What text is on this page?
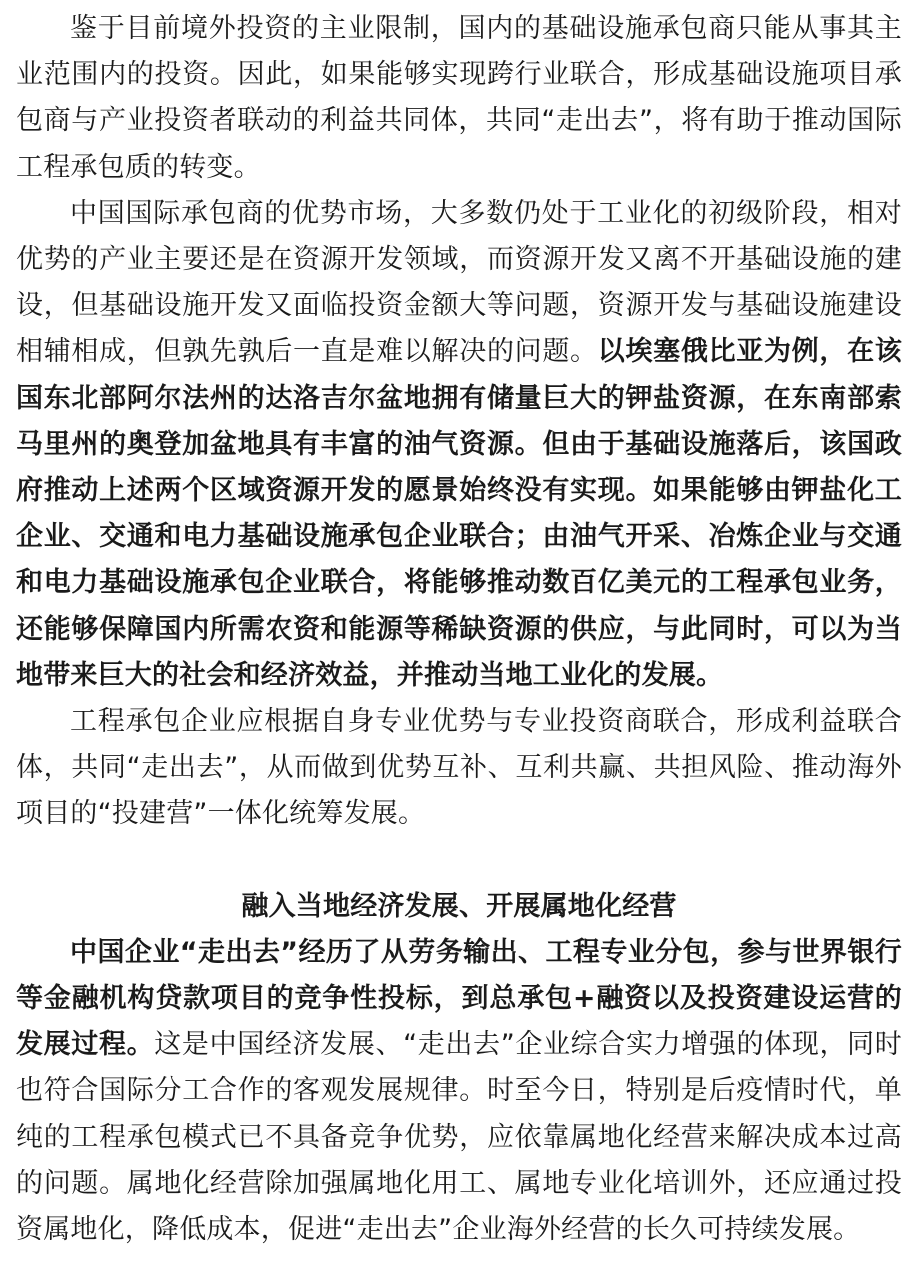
鉴于目前境外投资的主业限制，国内的基础设施承包商只能从事其主业范围内的投资。因此，如果能够实现跨行业联合，形成基础设施项目承包商与产业投资者联动的利益共同体，共同“走出去”，将有助于推动国际工程承包质的转变。

中国国际承包商的优势市场，大多数仍处于工业化的初级阶段，相对优势的产业主要还是在资源开发领域，而资源开发又离不开基础设施的建设，但基础设施开发又面临投资金额大等问题，资源开发与基础设施建设相辅相成，但孰先孰后一直是难以解决的问题。以埃塞俄比亚为例，在该国东北部阿尔法州的达洛吉尔盆地拥有储量巨大的钾盐资源，在东南部索马里州的奥登加盆地具有丰富的油气资源。但由于基础设施落后，该国政府推动上述两个区域资源开发的愿景始终没有实现。如果能够由钾盐化工企业、交通和电力基础设施承包企业联合；由油气开采、冶炼企业与交通和电力基础设施承包企业联合，将能够推动数百亿美元的工程承包业务，还能够保障国内所需农资和能源等稀缺资源的供应，与此同时，可以为当地带来巨大的社会和经济效益，并推动当地工业化的发展。

工程承包企业应根据自身专业优势与专业投资商联合，形成利益联合体，共同“走出去”，从而做到优势互补、互利共赢、共担风险、推动海外项目的“投建营”一体化统筹发展。

融入当地经济发展、开展属地化经营

中国企业“走出去”经历了从劳务输出、工程专业分包，参与世界银行等金融机构贷款项目的竞争性投标，到总承包+融资以及投资建设运营的发展过程。这是中国经济发展、“走出去”企业综合实力增强的体现，同时也符合国际分工合作的客观发展规律。时至今日，特别是后疫情时代，单纯的工程承包模式已不具备竞争优势，应依靠属地化经营来解决成本过高的问题。属地化经营除加强属地化用工、属地专业化培训外，还应通过投资属地化，降低成本，促进“走出去”企业海外经营的长久可持续发展。
